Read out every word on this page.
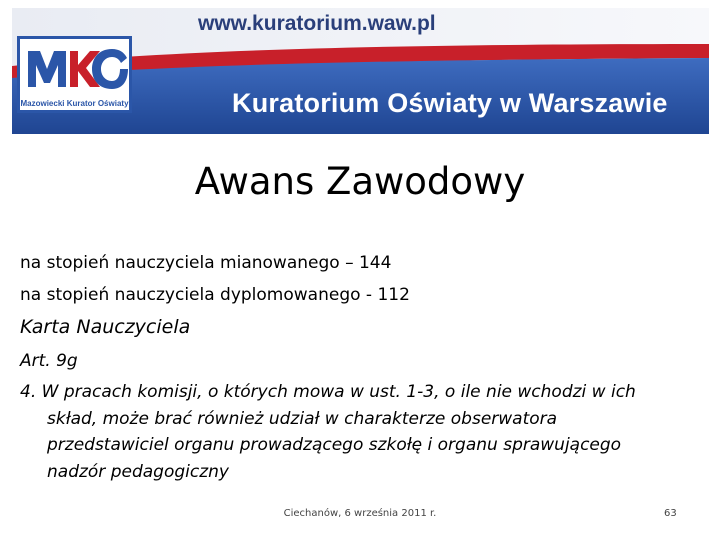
www.kuratorium.waw.pl
Mazowiecki Kurator Oświaty	Kuratorium Oświaty w Warszawie
Awans Zawodowy
na stopień nauczyciela mianowanego – 144
na stopień nauczyciela dyplomowanego - 112
Karta Nauczyciela
Art. 9g
4. W pracach komisji, o których mowa w ust. 1-3, o ile nie wchodzi w ich
skład, może brać również udział w charakterze obserwatora
przedstawiciel organu prowadzącego szkołę i organu sprawującego
nadzór pedagogiczny
Ciechanów, 6 września 2011 r.	63
